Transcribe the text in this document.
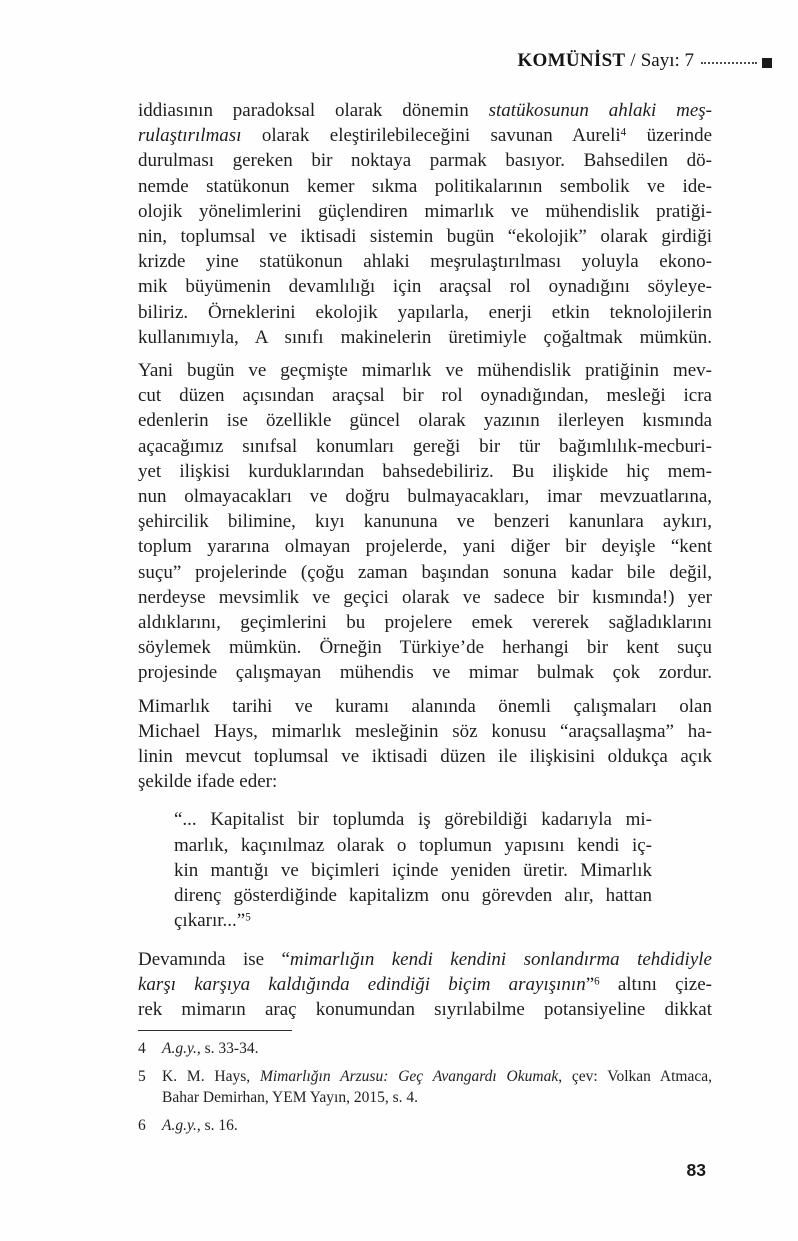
KOMÜNİST / Sayı: 7

iddiasının paradoksal olarak dönemin statükosunun ahlaki meş-
rulaştırılması olarak eleştirilebileceğini savunan Aureli$^4$ üzerinde
durulması gereken bir noktaya parmak basıyor. Bahsedilen dö-
nemde statükonun kemer sıkma politikalarının sembolik ve ide-
olojik yönelimlerini güçlendiren mimarlık ve mühendislik pratiği-
nin, toplumsal ve iktisadi sistemin bugün “ekolojik” olarak girdiği
krizde yine statükonun ahlaki meşrulaştırılması yoluyla ekono-
mik büyümenin devamlılığı için araçsal rol oynadığını söyleye-
biliriz. Örneklerini ekolojik yapılarla, enerji etkin teknolojilerin
kullanımıyla, A sınıfı makinelerin üretimiyle çoğaltmak mümkün.

Yani bugün ve geçmişte mimarlık ve mühendislik pratiğinin mev-
cut düzen açısından araçsal bir rol oynadığından, mesleği icra
edenlerin ise özellikle güncel olarak yazının ilerleyen kısmında
açacağımız sınıfsal konumları gereği bir tür bağımlılık-mecburi-
yet ilişkisi kurduklarından bahsedebiliriz. Bu ilişkide hiç mem-
nun olmayacakları ve doğru bulmayacakları, imar mevzuatlarına,
şehircilik bilimine, kıyı kanununa ve benzeri kanunlara aykırı,
toplum yararına olmayan projelerde, yani diğer bir deyişle “kent
suçu” projelerinde (çoğu zaman başından sonuna kadar bile değil,
nerdeyse mevsimlik ve geçici olarak ve sadece bir kısmında!) yer
aldıklarını, geçimlerini bu projelere emek vererek sağladıklarını
söylemek mümkün. Örneğin Türkiye’de herhangi bir kent suçu
projesinde çalışmayan mühendis ve mimar bulmak çok zordur.

Mimarlık tarihi ve kuramı alanında önemli çalışmaları olan
Michael Hays, mimarlık mesleğinin söz konusu “araçsallaşma” ha-
linin mevcut toplumsal ve iktisadi düzen ile ilişkisini oldukça açık
şekilde ifade eder:

“... Kapitalist bir toplumda iş görebildiği kadarıyla mi-
marlık, kaçınılmaz olarak o toplumun yapısını kendi iç-
kin mantığı ve biçimleri içinde yeniden üretir. Mimarlık
direnç gösterdiğinde kapitalizm onu görevden alır, hattan
çıkarır...”$^5$

Devamında ise “mimarlığın kendi kendini sonlandırma tehdidiyle
karşı karşıya kaldığında edindiği biçim arayışının”$^6$ altını çize-
rek mimarın araç konumundan sıyrılabilme potansiyeline dikkat

4	A.g.y., s. 33-34.
5	K. M. Hays, Mimarlığın Arzusu: Geç Avangardı Okumak, çev: Volkan Atmaca,
Bahar Demirhan, YEM Yayın, 2015, s. 4.
6	A.g.y., s. 16.
83
